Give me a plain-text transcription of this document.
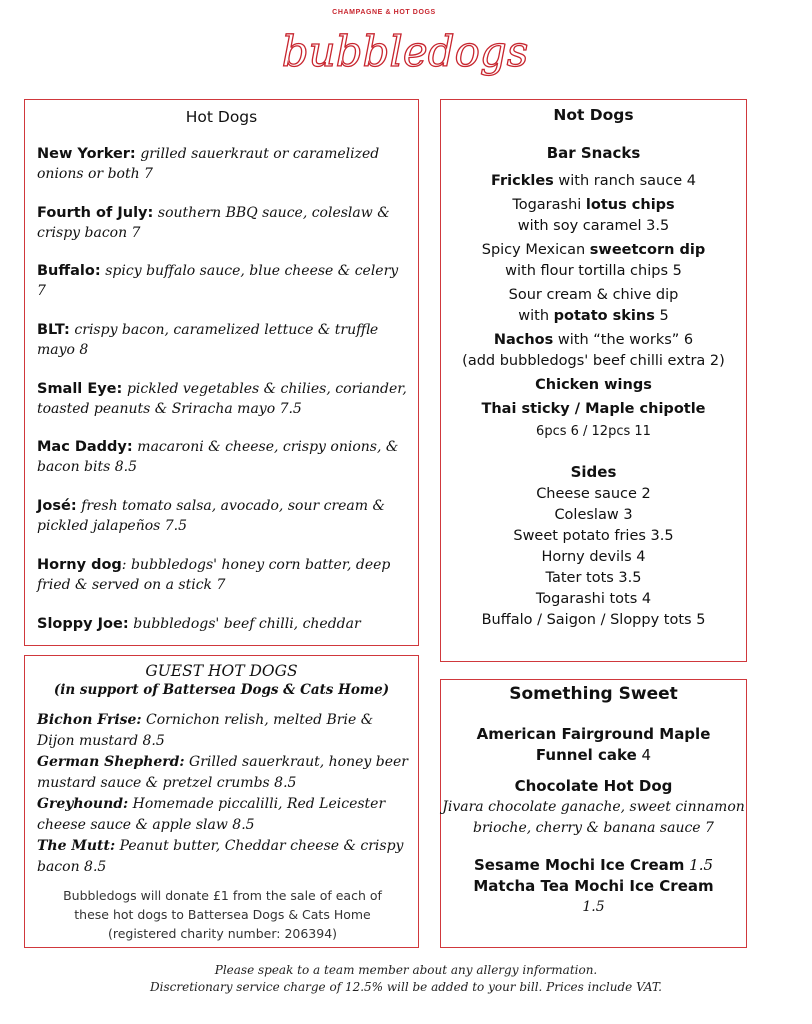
CHAMPAGNE & HOT DOGS
bubbledogs
Hot Dogs
New Yorker: grilled sauerkraut or caramelized onions or both 7
Fourth of July: southern BBQ sauce, coleslaw & crispy bacon 7
Buffalo: spicy buffalo sauce, blue cheese & celery 7
BLT: crispy bacon, caramelized lettuce & truffle mayo 8
Small Eye: pickled vegetables & chilies, coriander, toasted peanuts & Sriracha mayo 7.5
Mac Daddy: macaroni & cheese, crispy onions, & bacon bits 8.5
José: fresh tomato salsa, avocado, sour cream & pickled jalapeños 7.5
Horny dog: bubbledogs' honey corn batter, deep fried & served on a stick 7
Sloppy Joe: bubbledogs' beef chilli, cheddar
Not Dogs
Bar Snacks
Frickles with ranch sauce 4
Togarashi lotus chips
with soy caramel 3.5
Spicy Mexican sweetcorn dip
with flour tortilla chips 5
Sour cream & chive dip
with potato skins 5
Nachos with “the works” 6
(add bubbledogs' beef chilli extra 2)
Chicken wings
Thai sticky / Maple chipotle
6pcs 6 / 12pcs 11
Sides
Cheese sauce 2
Coleslaw 3
Sweet potato fries 3.5
Horny devils 4
Tater tots 3.5
Togarashi tots 4
Buffalo / Saigon / Sloppy tots 5
GUEST HOT DOGS
(in support of Battersea Dogs & Cats Home)
Bichon Frise: Cornichon relish, melted Brie & Dijon mustard 8.5
German Shepherd: Grilled sauerkraut, honey beer mustard sauce & pretzel crumbs 8.5
Greyhound: Homemade piccalilli, Red Leicester cheese sauce & apple slaw 8.5
The Mutt: Peanut butter, Cheddar cheese & crispy bacon 8.5
Bubbledogs will donate £1 from the sale of each of
these hot dogs to Battersea Dogs & Cats Home
(registered charity number: 206394)
Something Sweet
American Fairground Maple
Funnel cake 4
Chocolate Hot Dog
Jivara chocolate ganache, sweet cinnamon brioche, cherry & banana sauce 7
Sesame Mochi Ice Cream 1.5
Matcha Tea Mochi Ice Cream
1.5
Please speak to a team member about any allergy information.
Discretionary service charge of 12.5% will be added to your bill. Prices include VAT.
